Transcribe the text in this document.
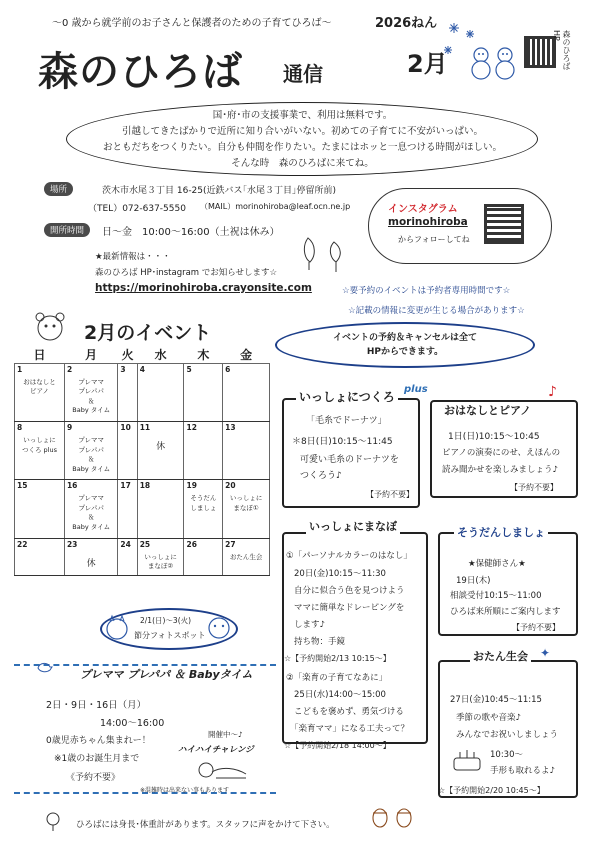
〜0 歳から就学前のお子さんと保護者のための子育てひろば〜	2026ねん
森のひろば 通信	2月	森のひろばHP
国･府･市の支援事業で、利用は無料です。
引越してきたばかりで近所に知り合いがいない。初めての子育てに不安がいっぱい。
おともだちをつくりたい。自分も仲間を作りたい。たまにはホッと一息つける時間がほしい。
そんな時　森のひろばに来てね。
場所	茨木市水尾３丁目 16-25(近鉄バス｢水尾３丁目｣停留所前)
（TEL）072-637-5550 （MAIL）morinohiroba@leaf.ocn.ne.jp
開所時間	日～金　10:00～16:00（土祝は休み）
★最新情報は・・・
森のひろば HP･instagram でお知らせします☆
https://morinohiroba.crayonsite.com
インスタグラム
morinohiroba
からフォローしてね
☆要予約のイベントは予約者専用時間です☆
☆記載の情報に変更が生じる場合があります☆
2月のイベント	イベントの予約＆キャンセルは全て
HPからできます。
日	月	火	水	木	金
1
おはなしと
ピアノ	2
プレママ
プレパパ
＆
Baby タイム	3	4	5	6
8
いっしょに
つくろ plus	9
プレママ
プレパパ
＆
Baby タイム	10	11
休	12	13
15	16
プレママ
プレパパ
＆
Baby タイム	17	18	19
そうだん
しましょ	20
いっしょに
まなぼ①

22	23
休	24	25
いっしょに
まなぼ②	26	27
おたん生会
2/1(日)～3(火)
節分フォトスポット
プレママ プレパパ ＆ Babyタイム
2日・9日・16日（月）
14:00～16:00
0歳児赤ちゃん集まれー！
※1歳のお誕生月まで
《予約不要》
開催中～♪
ハイハイチャレンジ
※混雑時は出来ない事もあります
ひろばには身長･体重計があります。スタッフに声をかけて下さい。
いっしょにつくろ
plus
「毛糸でドーナツ」
＊8日(日)10:15～11:45
可愛い毛糸のドーナツを
つくろう♪
【予約不要】
おはなしとピアノ
♪
1日(日)10:15～10:45
ピアノの演奏にのせ、えほんの
読み聞かせを楽しみましょう♪
【予約不要】
いっしょにまなぼ
①「パーソナルカラーのはなし」
20日(金)10:15～11:30
自分に似合う色を見つけよう
ママに簡単なドレーピングを
します♪
持ち物：手鏡
☆【予約開始2/13 10:15～】
②「楽育の子育てなあに」
25日(水)14:00～15:00
こどもを褒めず、勇気づける
「楽育ママ」になる工夫って？
☆【予約開始2/18 14:00～】
そうだんしましょ
★保健師さん★
19日(木)
相談受付10:15～11:00
ひろば来所順にご案内します
【予約不要】
おたん生会 ✦
27日(金)10:45～11:15
季節の歌や音楽♪
みんなでお祝いしましょう
10:30～
手形も取れるよ♪
☆【予約開始2/20 10:45～】
